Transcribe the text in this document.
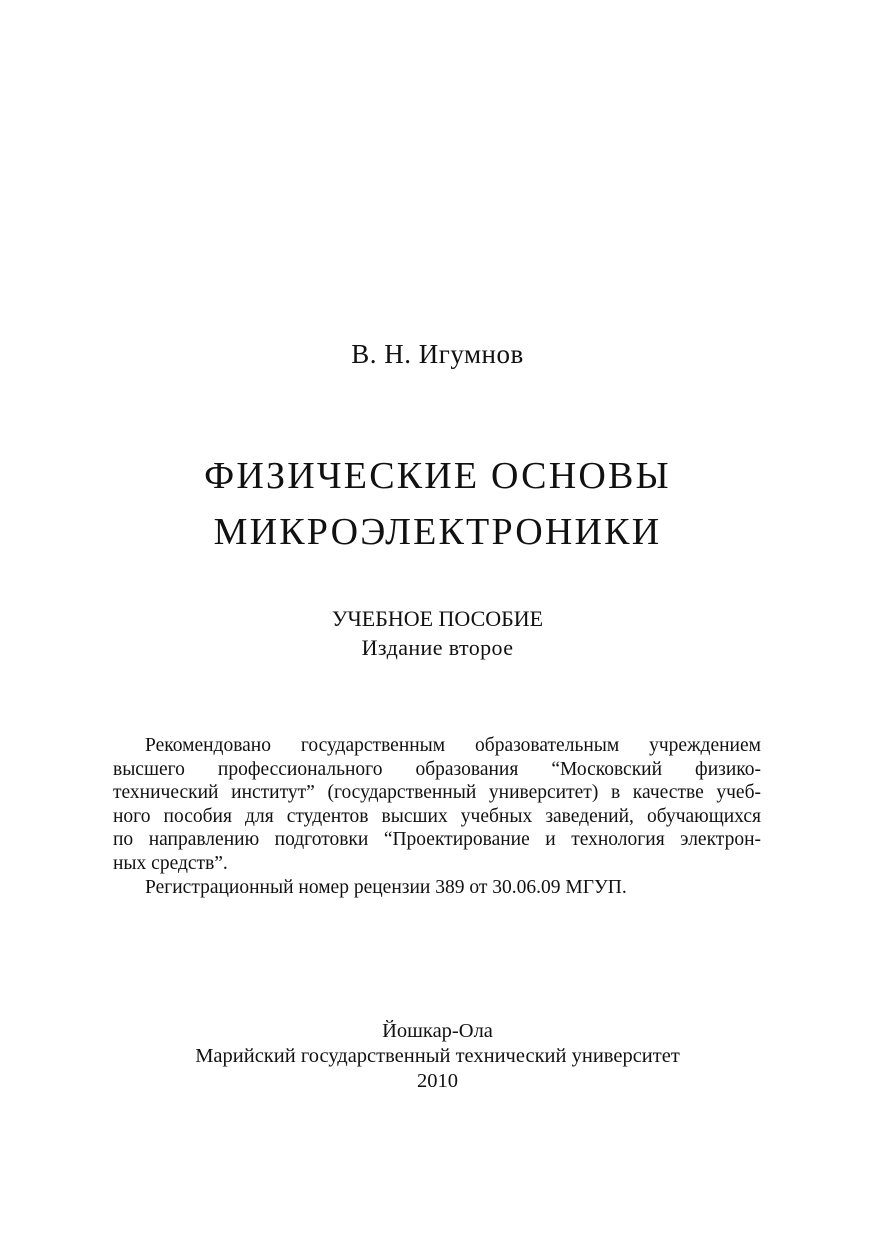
В. Н. Игумнов
ФИЗИЧЕСКИЕ ОСНОВЫ
МИКРОЭЛЕКТРОНИКИ
УЧЕБНОЕ ПОСОБИЕ
Издание второе
Рекомендовано государственным образовательным учреждением
высшего профессионального образования “Московский физико-
технический институт” (государственный университет) в качестве учеб-
ного пособия для студентов высших учебных заведений, обучающихся
по направлению подготовки “Проектирование и технология электрон-
ных средств”.
Регистрационный номер рецензии 389 от 30.06.09 МГУП.
Йошкар-Ола
Марийский государственный технический университет
2010
